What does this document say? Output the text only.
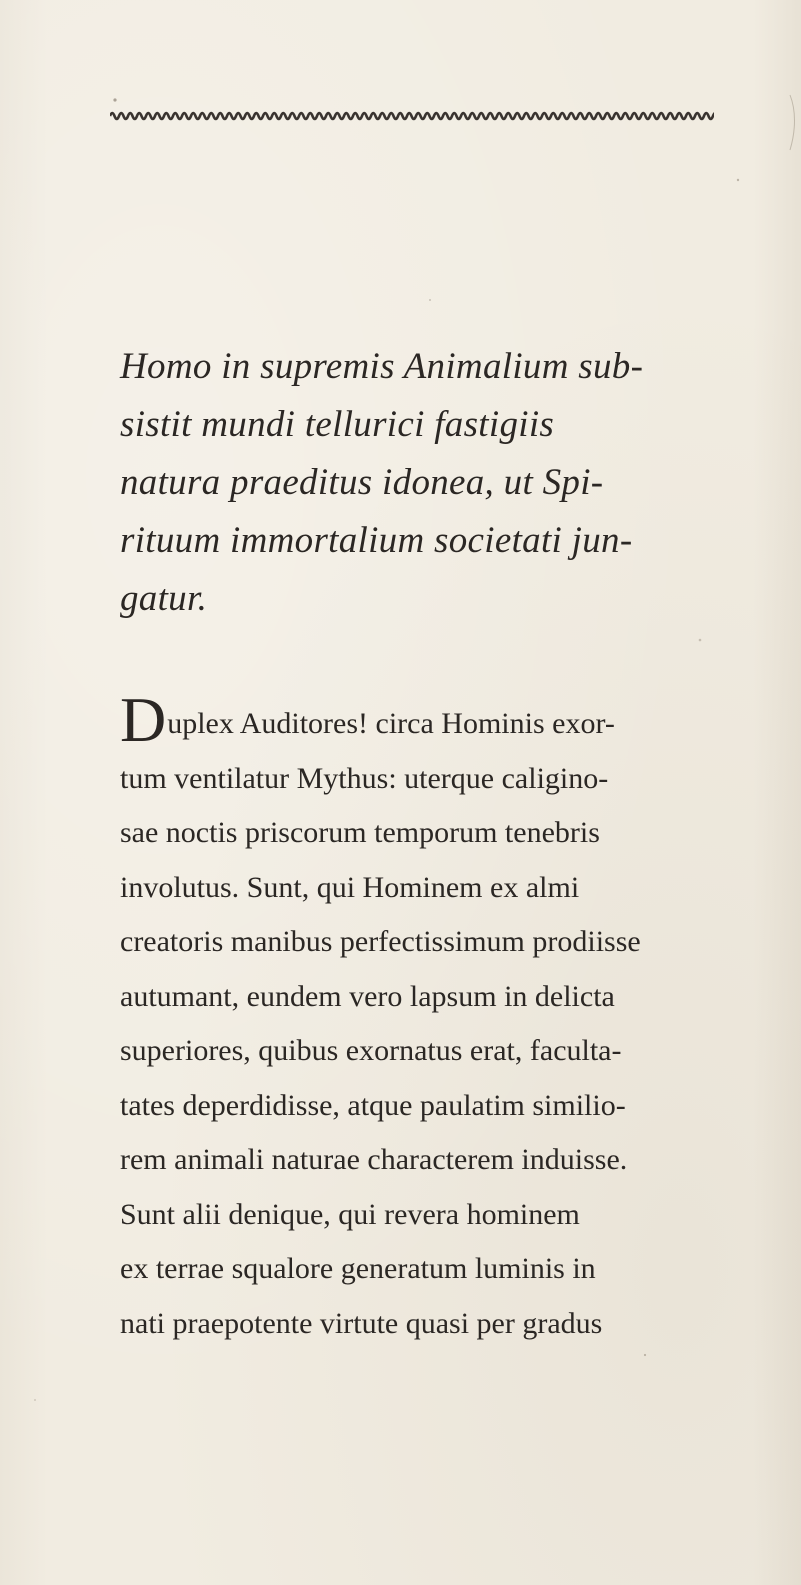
Homo in supremis Animalium sub-
sistit mundi tellurici fastigiis
natura praeditus idonea, ut Spi-
rituum immortalium societati jun-
gatur.
Duplex Auditores! circa Hominis exor-
tum ventilatur Mythus: uterque caligino-
sae noctis priscorum temporum tenebris
involutus. Sunt, qui Hominem ex almi
creatoris manibus perfectissimum prodiisse
autumant, eundem vero lapsum in delicta
superiores, quibus exornatus erat, faculta-
tates deperdidisse, atque paulatim similio-
rem animali naturae characterem induisse.
Sunt alii denique, qui revera hominem
ex terrae squalore generatum luminis in
nati praepotente virtute quasi per gradus
